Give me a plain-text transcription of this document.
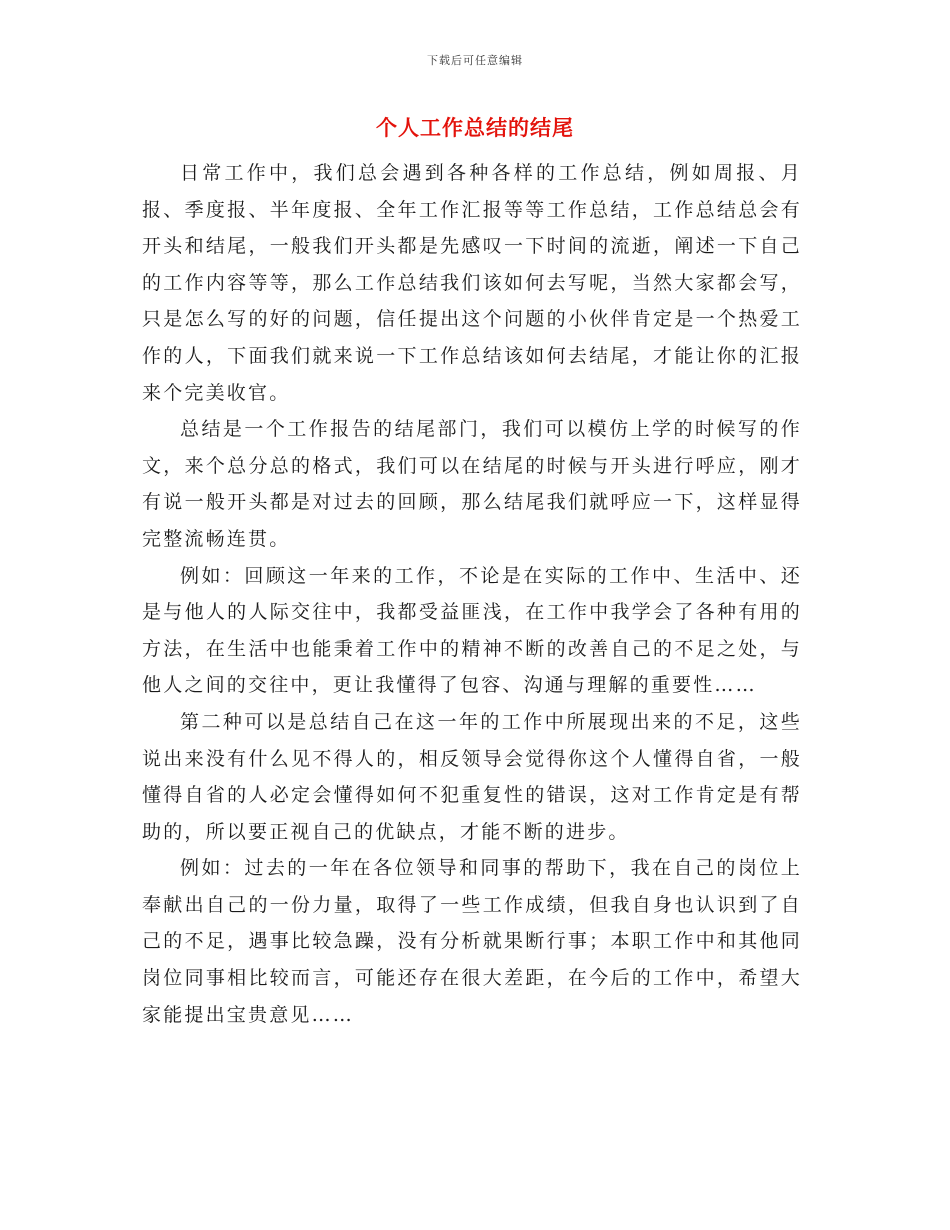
下载后可任意编辑
个人工作总结的结尾

日常工作中，我们总会遇到各种各样的工作总结，例如周报、月报、季度报、半年度报、全年工作汇报等等工作总结，工作总结总会有开头和结尾，一般我们开头都是先感叹一下时间的流逝，阐述一下自己的工作内容等等，那么工作总结我们该如何去写呢，当然大家都会写，只是怎么写的好的问题，信任提出这个问题的小伙伴肯定是一个热爱工作的人，下面我们就来说一下工作总结该如何去结尾，才能让你的汇报来个完美收官。

总结是一个工作报告的结尾部门，我们可以模仿上学的时候写的作文，来个总分总的格式，我们可以在结尾的时候与开头进行呼应，刚才有说一般开头都是对过去的回顾，那么结尾我们就呼应一下，这样显得完整流畅连贯。

例如：回顾这一年来的工作，不论是在实际的工作中、生活中、还是与他人的人际交往中，我都受益匪浅，在工作中我学会了各种有用的方法，在生活中也能秉着工作中的精神不断的改善自己的不足之处，与他人之间的交往中，更让我懂得了包容、沟通与理解的重要性……

第二种可以是总结自己在这一年的工作中所展现出来的不足，这些说出来没有什么见不得人的，相反领导会觉得你这个人懂得自省，一般懂得自省的人必定会懂得如何不犯重复性的错误，这对工作肯定是有帮助的，所以要正视自己的优缺点，才能不断的进步。

例如：过去的一年在各位领导和同事的帮助下，我在自己的岗位上奉献出自己的一份力量，取得了一些工作成绩，但我自身也认识到了自己的不足，遇事比较急躁，没有分析就果断行事；本职工作中和其他同岗位同事相比较而言，可能还存在很大差距，在今后的工作中，希望大家能提出宝贵意见……
